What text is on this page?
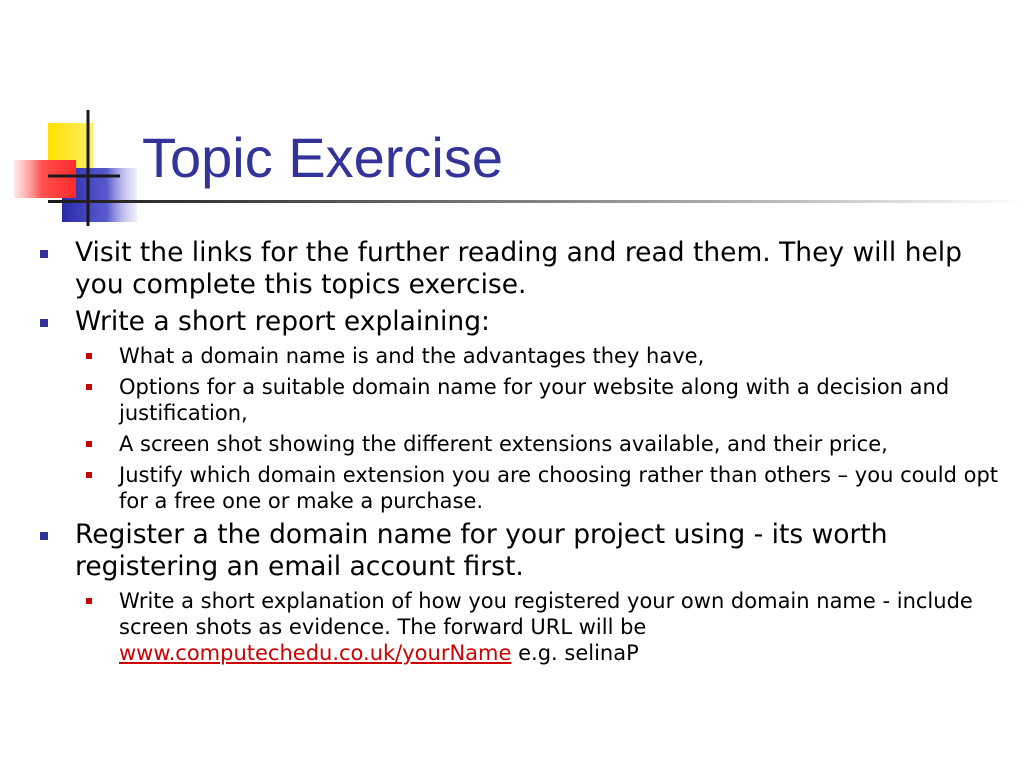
Topic Exercise
Visit the links for the further reading and read them. They will help you complete this topics exercise.
Write a short report explaining:
What a domain name is and the advantages they have,
Options for a suitable domain name for your website along with a decision and justification,
A screen shot showing the different extensions available, and their price,
Justify which domain extension you are choosing rather than others – you could opt for a free one or make a purchase.
Register a the domain name for your project using - its worth registering an email account first.
Write a short explanation of how you registered your own domain name - include screen shots as evidence. The forward URL will be www.computechedu.co.uk/yourName e.g. selinaP
